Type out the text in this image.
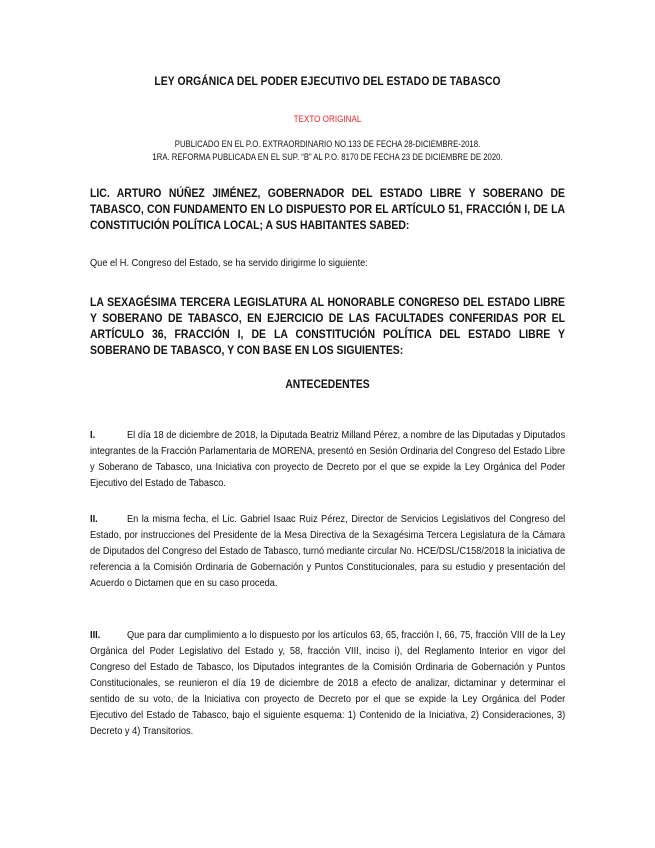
LEY ORGÁNICA DEL PODER EJECUTIVO DEL ESTADO DE TABASCO
TEXTO ORIGINAL
PUBLICADO EN EL P.O. EXTRAORDINARIO NO.133 DE FECHA 28-DICIEMBRE-2018.
1RA. REFORMA PUBLICADA EN EL SUP. “B” AL P.O. 8170 DE FECHA 23 DE DICIEMBRE DE 2020.
LIC. ARTURO NÚÑEZ JIMÉNEZ, GOBERNADOR DEL ESTADO LIBRE Y SOBERANO DE TABASCO, CON FUNDAMENTO EN LO DISPUESTO POR EL ARTÍCULO 51, FRACCIÓN I, DE LA CONSTITUCIÓN POLÍTICA LOCAL; A SUS HABITANTES SABED:
Que el H. Congreso del Estado, se ha servido dirigirme lo siguiente:
LA SEXAGÉSIMA TERCERA LEGISLATURA AL HONORABLE CONGRESO DEL ESTADO LIBRE Y SOBERANO DE TABASCO, EN EJERCICIO DE LAS FACULTADES CONFERIDAS POR EL ARTÍCULO 36, FRACCIÓN I, DE LA CONSTITUCIÓN POLÍTICA DEL ESTADO LIBRE Y SOBERANO DE TABASCO, Y CON BASE EN LOS SIGUIENTES:
ANTECEDENTES
I.	El día 18 de diciembre de 2018, la Diputada Beatriz Milland Pérez, a nombre de las Diputadas y Diputados integrantes de la Fracción Parlamentaria de MORENA, presentó en Sesión Ordinaria del Congreso del Estado Libre y Soberano de Tabasco, una Iniciativa con proyecto de Decreto por el que se expide la Ley Orgánica del Poder Ejecutivo del Estado de Tabasco.
II.	En la misma fecha, el Lic. Gabriel Isaac Ruiz Pérez, Director de Servicios Legislativos del Congreso del Estado, por instrucciones del Presidente de la Mesa Directiva de la Sexagésima Tercera Legislatura de la Cámara de Diputados del Congreso del Estado de Tabasco, turnó mediante circular No. HCE/DSL/C158/2018 la iniciativa de referencia a la Comisión Ordinaria de Gobernación y Puntos Constitucionales, para su estudio y presentación del Acuerdo o Dictamen que en su caso proceda.
III.	Que para dar cumplimiento a lo dispuesto por los artículos 63, 65, fracción I, 66, 75, fracción VIII de la Ley Orgánica del Poder Legislativo del Estado y, 58, fracción VIII, inciso i), del Reglamento Interior en vigor del Congreso del Estado de Tabasco, los Diputados integrantes de la Comisión Ordinaria de Gobernación y Puntos Constitucionales, se reunieron el día 19 de diciembre de 2018 a efecto de analizar, dictaminar y determinar el sentido de su voto, de la Iniciativa con proyecto de Decreto por el que se expide la Ley Orgánica del Poder Ejecutivo del Estado de Tabasco, bajo el siguiente esquema: 1) Contenido de la Iniciativa, 2) Consideraciones, 3) Decreto y 4) Transitorios.
